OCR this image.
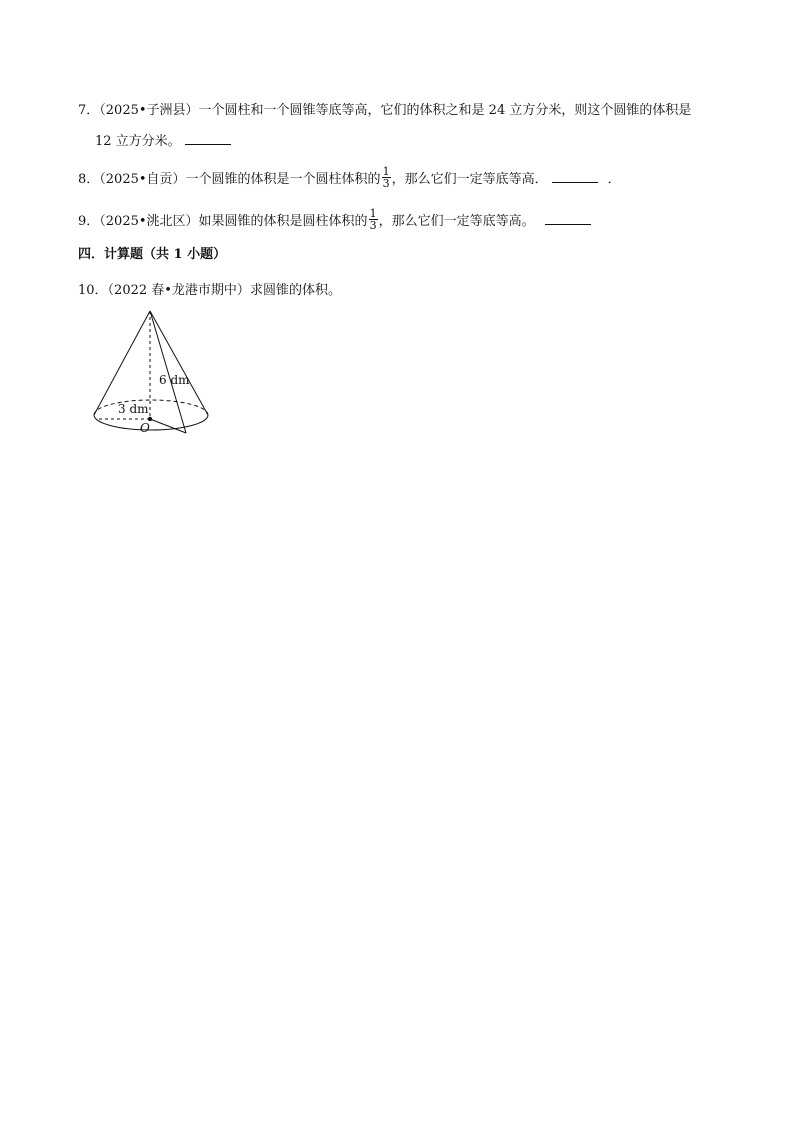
7．（2025•子洲县）一个圆柱和一个圆锥等底等高，它们的体积之和是 24 立方分米，则这个圆锥的体积是
12 立方分米。
8．（2025•自贡）一个圆锥的体积是一个圆柱体积的 $\frac{1}{3}$ ，那么它们一定等底等高．	．
9．（2025•洮北区）如果圆锥的体积是圆柱体积的 $\frac{1}{3}$ ，那么它们一定等底等高。
四．计算题（共 1 小题）
10．（2022 春•龙港市期中）求圆锥的体积。
6 dm
3 dm
O
